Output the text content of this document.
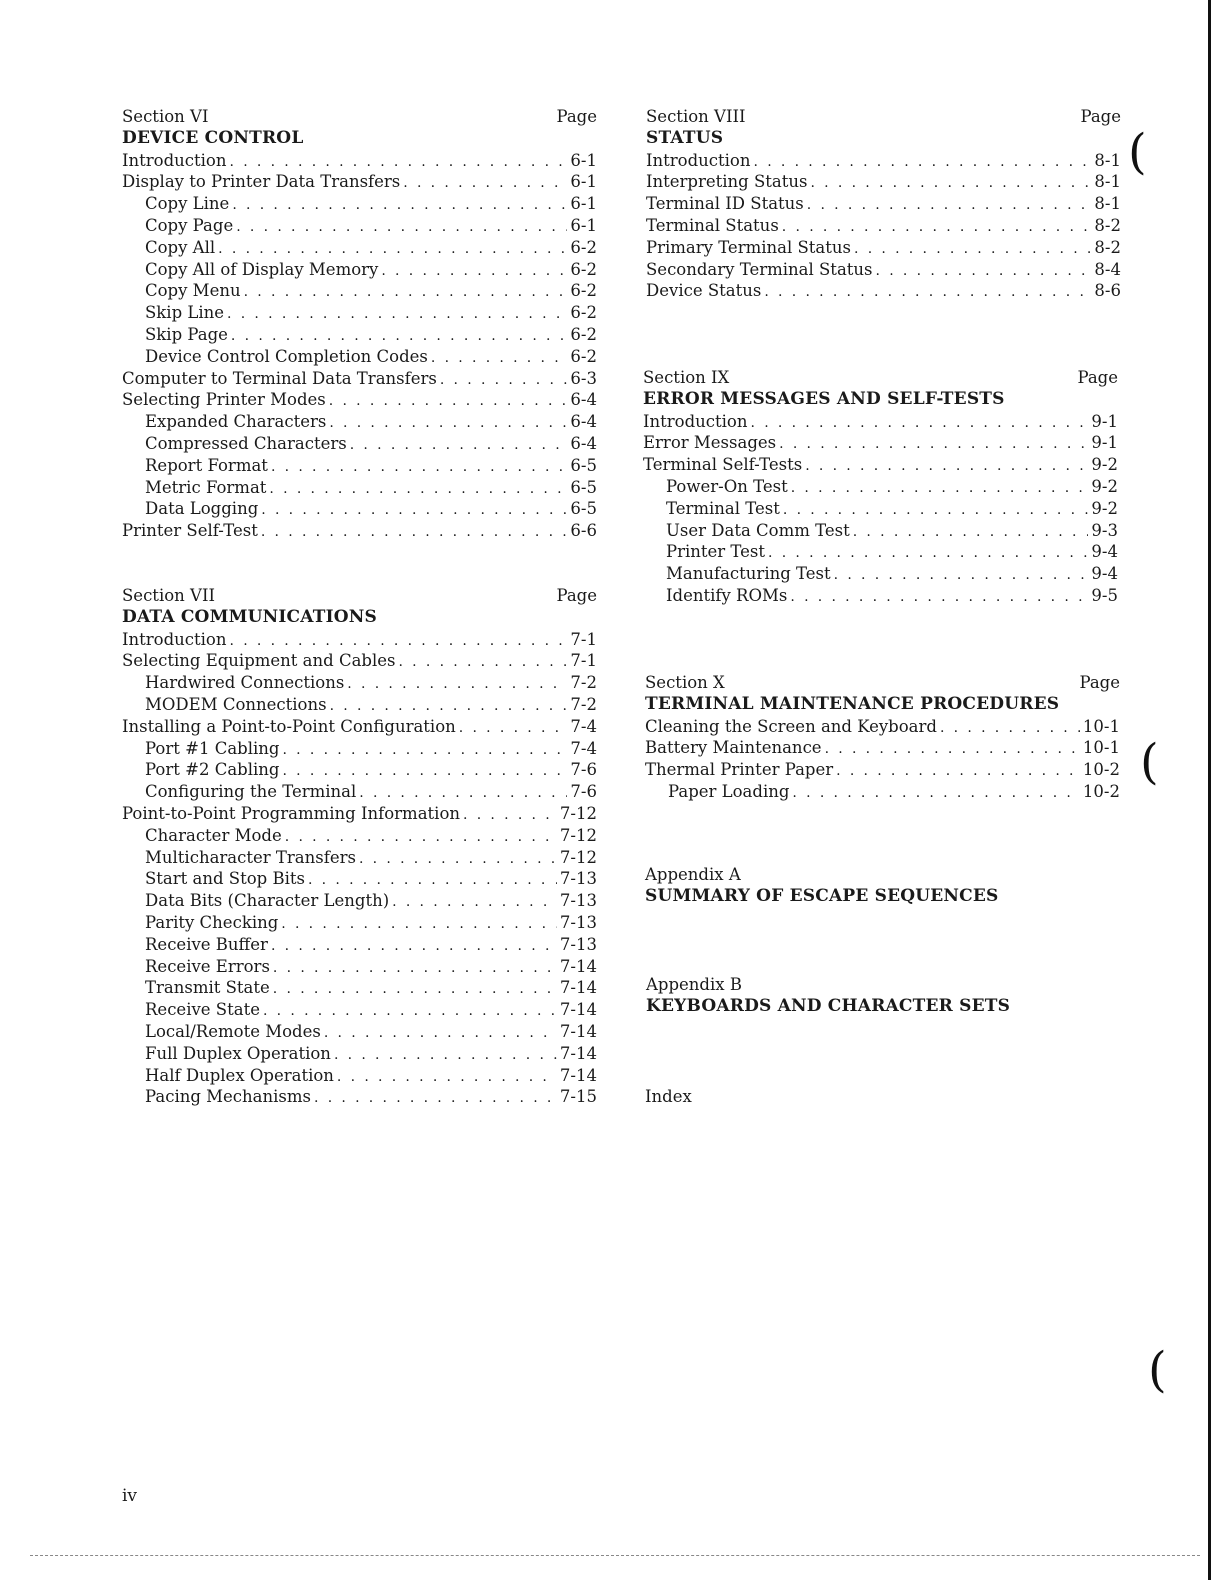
Section VI	Page
DEVICE CONTROL
Introduction . . .	6-1
Display to Printer Data Transfers . . .	6-1
Copy Line . . .	6-1
Copy Page . . .	6-1
Copy All . . .	6-2
Copy All of Display Memory . . .	6-2
Copy Menu . . .	6-2
Skip Line . . .	6-2
Skip Page . . .	6-2
Device Control Completion Codes . . .	6-2
Computer to Terminal Data Transfers . . .	6-3
Selecting Printer Modes . . .	6-4
Expanded Characters . . .	6-4
Compressed Characters . . .	6-4
Report Format . . .	6-5
Metric Format . . .	6-5
Data Logging . . .	6-5
Printer Self-Test . . .	6-6
Section VII	Page
DATA COMMUNICATIONS
Introduction . . .	7-1
Selecting Equipment and Cables . . .	7-1
Hardwired Connections . . .	7-2
MODEM Connections . . .	7-2
Installing a Point-to-Point Configuration . . .	7-4
Port #1 Cabling . . .	7-4
Port #2 Cabling . . .	7-6
Configuring the Terminal . . .	7-6
Point-to-Point Programming Information . . .	7-12
Character Mode . . .	7-12
Multicharacter Transfers . . .	7-12
Start and Stop Bits . . .	7-13
Data Bits (Character Length) . . .	7-13
Parity Checking . . .	7-13
Receive Buffer . . .	7-13
Receive Errors . . .	7-14
Transmit State . . .	7-14
Receive State . . .	7-14
Local/Remote Modes . . .	7-14
Full Duplex Operation . . .	7-14
Half Duplex Operation . . .	7-14
Pacing Mechanisms . . .	7-15
Section VIII	Page
STATUS
Introduction . . .	8-1
Interpreting Status . . .	8-1
Terminal ID Status . . .	8-1
Terminal Status . . .	8-2
Primary Terminal Status . . .	8-2
Secondary Terminal Status . . .	8-4
Device Status . . .	8-6
Section IX	Page
ERROR MESSAGES AND SELF-TESTS
Introduction . . .	9-1
Error Messages . . .	9-1
Terminal Self-Tests . . .	9-2
Power-On Test . . .	9-2
Terminal Test . . .	9-2
User Data Comm Test . . .	9-3
Printer Test . . .	9-4
Manufacturing Test . . .	9-4
Identify ROMs . . .	9-5
Section X	Page
TERMINAL MAINTENANCE PROCEDURES
Cleaning the Screen and Keyboard . . .	10-1
Battery Maintenance . . .	10-1
Thermal Printer Paper . . .	10-2
Paper Loading . . .	10-2
Appendix A
SUMMARY OF ESCAPE SEQUENCES
Appendix B
KEYBOARDS AND CHARACTER SETS
Index
iv
(
(
(
